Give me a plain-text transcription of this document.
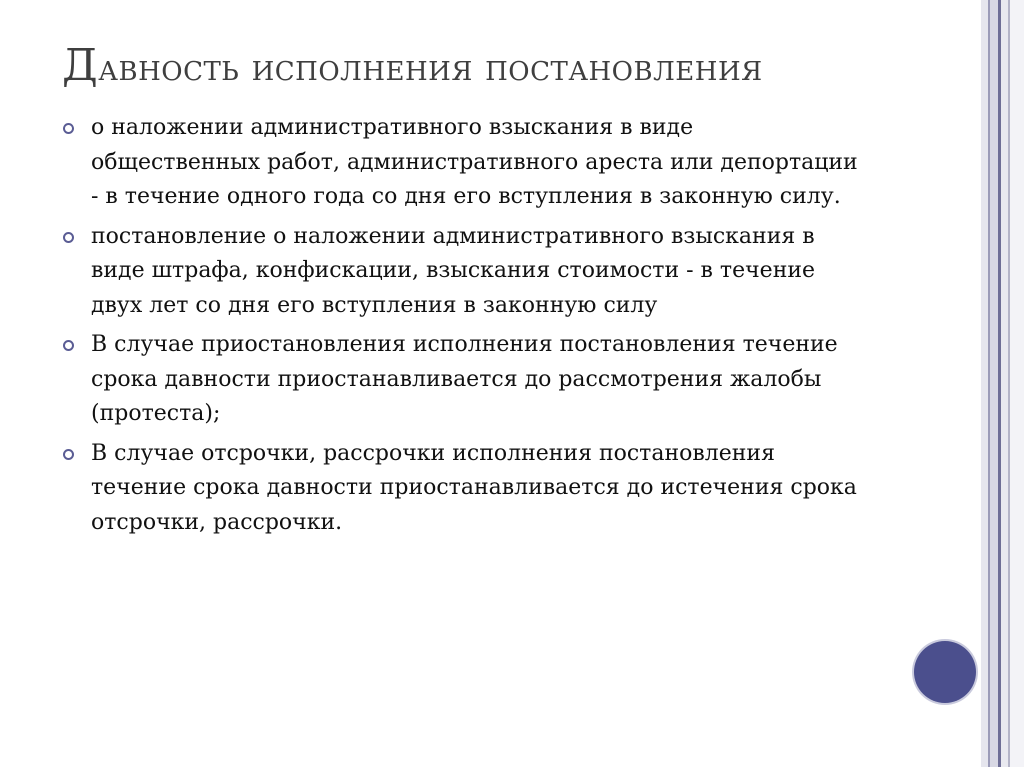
Давность исполнения постановления
о наложении административного взыскания в виде общественных работ, административного ареста или депортации - в течение одного года со дня его вступления в законную силу.
постановление о наложении административного взыскания в виде штрафа, конфискации, взыскания стоимости - в течение двух лет со дня его вступления в законную силу
В случае приостановления исполнения постановления течение срока давности приостанавливается до рассмотрения жалобы (протеста);
В случае отсрочки, рассрочки исполнения постановления течение срока давности приостанавливается до истечения срока отсрочки, рассрочки.
